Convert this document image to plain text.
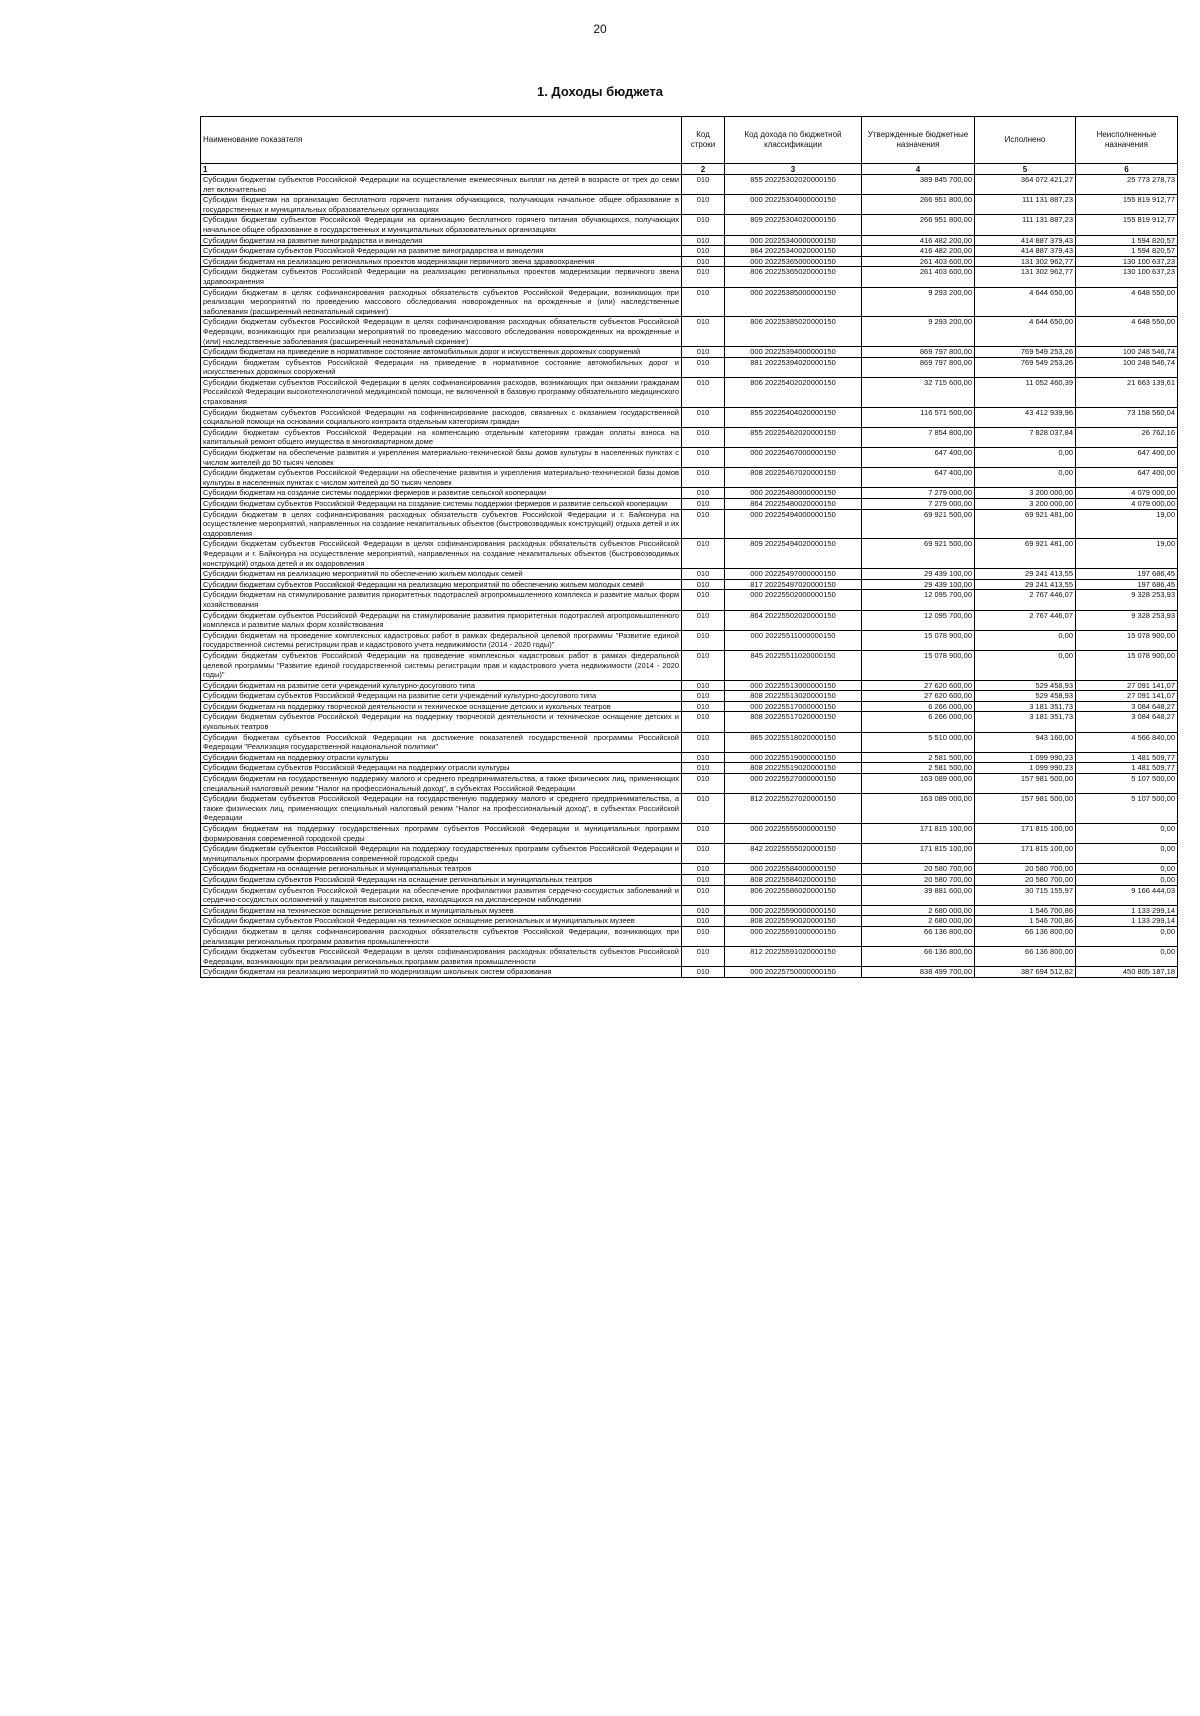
20
1. Доходы бюджета
Наименование показателя	Код строки	Код дохода по бюджетной классификации	Утвержденные бюджетные назначения	Исполнено	Неисполненные назначения
1	2	3	4	5	6
Субсидии бюджетам субъектов Российской Федерации на осуществление ежемесячных выплат на детей в возрасте от трех до семи лет включительно	010	855 20225302020000150	389 845 700,00	364 072 421,27	25 773 278,73
Субсидии бюджетам на организацию бесплатного горячего питания обучающихся, получающих начальное общее образование в государственных и муниципальных образовательных организациях	010	000 20225304000000150	266 951 800,00	111 131 887,23	155 819 912,77
Субсидии бюджетам субъектов Российской Федерации на организацию бесплатного горячего питания обучающихся, получающих начальное общее образование в государственных и муниципальных образовательных организациях	010	809 20225304020000150	266 951 800,00	111 131 887,23	155 819 912,77
Субсидии бюджетам на развитие виноградарства и виноделия	010	000 20225340000000150	416 482 200,00	414 887 379,43	1 594 820,57
Субсидии бюджетам субъектов Российской Федерации на развитие виноградарства и виноделия	010	864 20225340020000150	416 482 200,00	414 887 379,43	1 594 820,57
Субсидии бюджетам на реализацию региональных проектов модернизации первичного звена здравоохранения	010	000 20225365000000150	261 403 600,00	131 302 962,77	130 100 637,23
Субсидии бюджетам субъектов Российской Федерации на реализацию региональных проектов модернизации первичного звена здравоохранения	010	806 20225365020000150	261 403 600,00	131 302 962,77	130 100 637,23
Субсидии бюджетам в целях софинансирования расходных обязательств субъектов Российской Федерации, возникающих при реализации мероприятий по проведению массового обследования новорожденных на врожденные и (или) наследственные заболевания (расширенный неонатальный скрининг)	010	000 20225385000000150	9 293 200,00	4 644 650,00	4 648 550,00
Субсидии бюджетам субъектов Российской Федерации в целях софинансирования расходных обязательств субъектов Российской Федерации, возникающих при реализации мероприятий по проведению массового обследования новорожденных на врожденные и (или) наследственные заболевания (расширенный неонатальный скрининг)	010	806 20225385020000150	9 293 200,00	4 644 650,00	4 648 550,00
Субсидии бюджетам на приведение в нормативное состояние автомобильных дорог и искусственных дорожных сооружений	010	000 20225394000000150	869 797 800,00	769 549 253,26	100 248 546,74
Субсидии бюджетам субъектов Российской Федерации на приведение в нормативное состояние автомобильных дорог и искусственных дорожных сооружений	010	881 20225394020000150	869 797 800,00	769 549 253,26	100 248 546,74
Субсидии бюджетам субъектов Российской Федерации в целях софинансирования расходов, возникающих при оказании гражданам Российской Федерации высокотехнологичной медицинской помощи, не включенной в базовую программу обязательного медицинского страхования	010	806 20225402020000150	32 715 600,00	11 052 460,39	21 663 139,61
Субсидии бюджетам субъектов Российской Федерации на софинансирование расходов, связанных с оказанием государственной социальной помощи на основании социального контракта отдельным категориям граждан	010	855 20225404020000150	116 571 500,00	43 412 939,96	73 158 560,04
Субсидии бюджетам субъектов Российской Федерации на компенсацию отдельным категориям граждан оплаты взноса на капитальный ремонт общего имущества в многоквартирном доме	010	855 20225462020000150	7 854 800,00	7 828 037,84	26 762,16
Субсидии бюджетам на обеспечение развития и укрепления материально-технической базы домов культуры в населенных пунктах с числом жителей до 50 тысяч человек	010	000 20225467000000150	647 400,00	0,00	647 400,00
Субсидии бюджетам субъектов Российской Федерации на обеспечение развития и укрепления материально-технической базы домов культуры в населенных пунктах с числом жителей до 50 тысяч человек	010	808 20225467020000150	647 400,00	0,00	647 400,00
Субсидии бюджетам на создание системы поддержки фермеров и развитие сельской кооперации	010	000 20225480000000150	7 279 000,00	3 200 000,00	4 079 000,00
Субсидии бюджетам субъектов Российской Федерации на создание системы поддержки фермеров и развитие сельской кооперации	010	864 20225480020000150	7 279 000,00	3 200 000,00	4 079 000,00
Субсидии бюджетам в целях софинансирования расходных обязательств субъектов Российской Федерации и г. Байконура на осуществление мероприятий, направленных на создание некапитальных объектов (быстровозводимых конструкций) отдыха детей и их оздоровления	010	000 20225494000000150	69 921 500,00	69 921 481,00	19,00
Субсидии бюджетам субъектов Российской Федерации в целях софинансирования расходных обязательств субъектов Российской Федерации и г. Байконура на осуществление мероприятий, направленных на создание некапитальных объектов (быстровозводимых конструкций) отдыха детей и их оздоровления	010	809 20225494020000150	69 921 500,00	69 921 481,00	19,00
Субсидии бюджетам на реализацию мероприятий по обеспечению жильем молодых семей	010	000 20225497000000150	29 439 100,00	29 241 413,55	197 686,45
Субсидии бюджетам субъектов Российской Федерации на реализацию мероприятий по обеспечению жильем молодых семей	010	817 20225497020000150	29 439 100,00	29 241 413,55	197 686,45
Субсидии бюджетам на стимулирование развития приоритетных подотраслей агропромышленного комплекса и развитие малых форм хозяйствования	010	000 20225502000000150	12 095 700,00	2 767 446,07	9 328 253,93
Субсидии бюджетам субъектов Российской Федерации на стимулирование развития приоритетных подотраслей агропромышленного комплекса и развитие малых форм хозяйствования	010	864 20225502020000150	12 095 700,00	2 767 446,07	9 328 253,93
Субсидии бюджетам на проведение комплексных кадастровых работ в рамках федеральной целевой программы "Развитие единой государственной системы регистрации прав и кадастрового учета недвижимости (2014 - 2020 годы)"	010	000 20225511000000150	15 078 900,00	0,00	15 078 900,00
Субсидии бюджетам субъектов Российской Федерации на проведение комплексных кадастровых работ в рамках федеральной целевой программы "Развитие единой государственной системы регистрации прав и кадастрового учета недвижимости (2014 - 2020 годы)"	010	845 20225511020000150	15 078 900,00	0,00	15 078 900,00
Субсидии бюджетам на развитие сети учреждений культурно-досугового типа	010	000 20225513000000150	27 620 600,00	529 458,93	27 091 141,07
Субсидии бюджетам субъектов Российской Федерации на развитие сети учреждений культурно-досугового типа	010	808 20225513020000150	27 620 600,00	529 458,93	27 091 141,07
Субсидии бюджетам на поддержку творческой деятельности и техническое оснащение детских и кукольных театров	010	000 20225517000000150	6 266 000,00	3 181 351,73	3 084 648,27
Субсидии бюджетам субъектов Российской Федерации на поддержку творческой деятельности и техническое оснащение детских и кукольных театров	010	808 20225517020000150	6 266 000,00	3 181 351,73	3 084 648,27
Субсидии бюджетам субъектов Российской Федерации на достижение показателей государственной программы Российской Федерации "Реализация государственной национальной политики"	010	865 20225518020000150	5 510 000,00	943 160,00	4 566 840,00
Субсидии бюджетам на поддержку отрасли культуры	010	000 20225519000000150	2 581 500,00	1 099 990,23	1 481 509,77
Субсидии бюджетам субъектов Российской Федерации на поддержку отрасли культуры	010	808 20225519020000150	2 581 500,00	1 099 990,23	1 481 509,77
Субсидии бюджетам на государственную поддержку малого и среднего предпринимательства, а также физических лиц, применяющих специальный налоговый режим "Налог на профессиональный доход", в субъектах Российской Федерации	010	000 20225527000000150	163 089 000,00	157 981 500,00	5 107 500,00
Субсидии бюджетам субъектов Российской Федерации на государственную поддержку малого и среднего предпринимательства, а также физических лиц, применяющих специальный налоговый режим "Налог на профессиональный доход", в субъектах Российской Федерации	010	812 20225527020000150	163 089 000,00	157 981 500,00	5 107 500,00
Субсидии бюджетам на поддержку государственных программ субъектов Российской Федерации и муниципальных программ формирования современной городской среды	010	000 20225555000000150	171 815 100,00	171 815 100,00	0,00
Субсидии бюджетам субъектов Российской Федерации на поддержку государственных программ субъектов Российской Федерации и муниципальных программ формирования современной городской среды	010	842 20225555020000150	171 815 100,00	171 815 100,00	0,00
Субсидии бюджетам на оснащение региональных и муниципальных театров	010	000 20225584000000150	20 580 700,00	20 580 700,00	0,00
Субсидии бюджетам субъектов Российской Федерации на оснащение региональных и муниципальных театров	010	808 20225584020000150	20 580 700,00	20 580 700,00	0,00
Субсидии бюджетам субъектов Российской Федерации на обеспечение профилактики развития сердечно-сосудистых заболеваний и сердечно-сосудистых осложнений у пациентов высокого риска, находящихся на диспансерном наблюдении	010	806 20225586020000150	39 881 600,00	30 715 155,97	9 166 444,03
Субсидии бюджетам на техническое оснащение региональных и муниципальных музеев	010	000 20225590000000150	2 680 000,00	1 546 700,86	1 133 299,14
Субсидии бюджетам субъектов Российской Федерации на техническое оснащение региональных и муниципальных музеев	010	808 20225590020000150	2 680 000,00	1 546 700,86	1 133 299,14
Субсидии бюджетам в целях софинансирования расходных обязательств субъектов Российской Федерации, возникающих при реализации региональных программ развития промышленности	010	000 20225591000000150	66 136 800,00	66 136 800,00	0,00
Субсидии бюджетам субъектов Российской Федерации в целях софинансирования расходных обязательств субъектов Российской Федерации, возникающих при реализации региональных программ развития промышленности	010	812 20225591020000150	66 136 800,00	66 136 800,00	0,00
Субсидии бюджетам на реализацию мероприятий по модернизации школьных систем образования	010	000 20225750000000150	838 499 700,00	387 694 512,82	450 805 187,18
